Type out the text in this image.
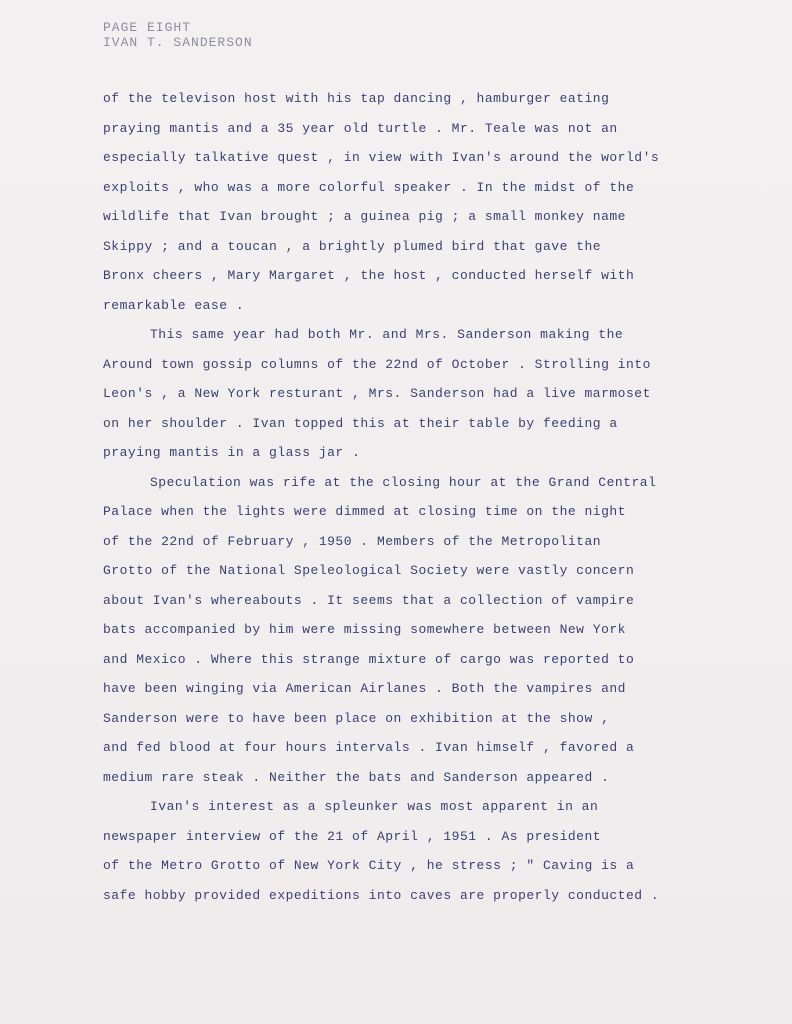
PAGE EIGHT
IVAN T. SANDERSON
of the televison host with his tap dancing , hamburger eating
praying mantis and a 35 year old turtle . Mr. Teale was not an
especially talkative quest , in view with Ivan's around the world's
exploits , who was a more colorful speaker . In the midst of the
wildlife that Ivan brought ; a guinea pig ; a small monkey name
Skippy ; and a toucan , a brightly plumed bird that gave the
Bronx cheers , Mary Margaret , the host , conducted herself with
remarkable ease .
This same year had both Mr. and Mrs. Sanderson making the
Around town gossip columns of the 22nd of October . Strolling into
Leon's , a New York resturant , Mrs. Sanderson had a live marmoset
on her shoulder . Ivan topped this at their table by feeding a
praying mantis in a glass jar .
Speculation was rife at the closing hour at the Grand Central
Palace when the lights were dimmed at closing time on the night
of the 22nd of February , 1950 . Members of the Metropolitan
Grotto of the National Speleological Society were vastly concern
about Ivan's whereabouts . It seems that a collection of vampire
bats accompanied by him were missing somewhere between New York
and Mexico . Where this strange mixture of cargo was reported to
have been winging via American Airlanes . Both the vampires and
Sanderson were to have been place on exhibition at the show ,
and fed blood at four hours intervals . Ivan himself , favored a
medium rare steak . Neither the bats and Sanderson appeared .
Ivan's interest as a spleunker was most apparent in an
newspaper interview of the 21 of April , 1951 . As president
of the Metro Grotto of New York City , he stress ; " Caving is a
safe hobby provided expeditions into caves are properly conducted .
